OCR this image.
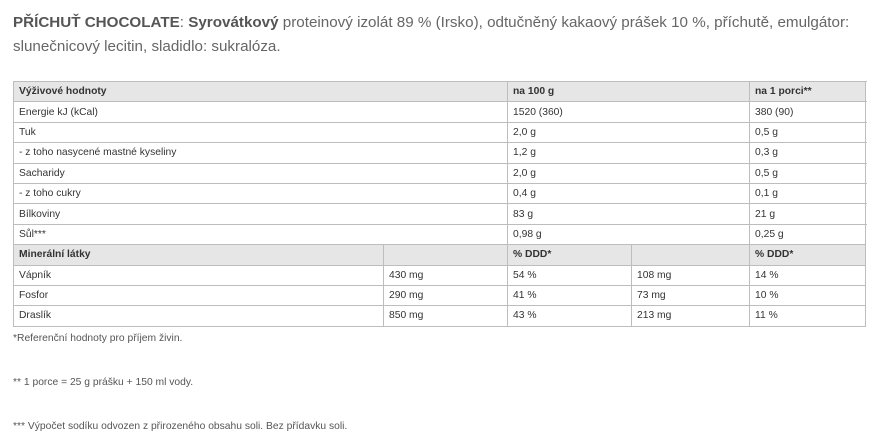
PŘÍCHUŤ CHOCOLATE: Syrovátkový proteinový izolát 89 % (Irsko), odtučněný kakaový prášek 10 %, příchutě, emulgátor: slunečnicový lecitin, sladidlo: sukralóza.
Výživové hodnoty		na 100 g		na 1 porci**
Energie kJ (kCal)		1520 (360)		380 (90)
Tuk		2,0 g		0,5 g
- z toho nasycené mastné kyseliny		1,2 g		0,3 g
Sacharidy		2,0 g		0,5 g
- z toho cukry		0,4 g		0,1 g
Bílkoviny		83 g		21 g
Sůl***		0,98 g		0,25 g
Minerální látky		% DDD*		% DDD*
Vápník	430 mg	54 %	108 mg	14 %
Fosfor	290 mg	41 %	73 mg	10 %
Draslík	850 mg	43 %	213 mg	11 %
*Referenční hodnoty pro příjem živin.
** 1 porce = 25 g prášku + 150 ml vody.
*** Výpočet sodíku odvozen z přirozeného obsahu soli. Bez přídavku soli.
